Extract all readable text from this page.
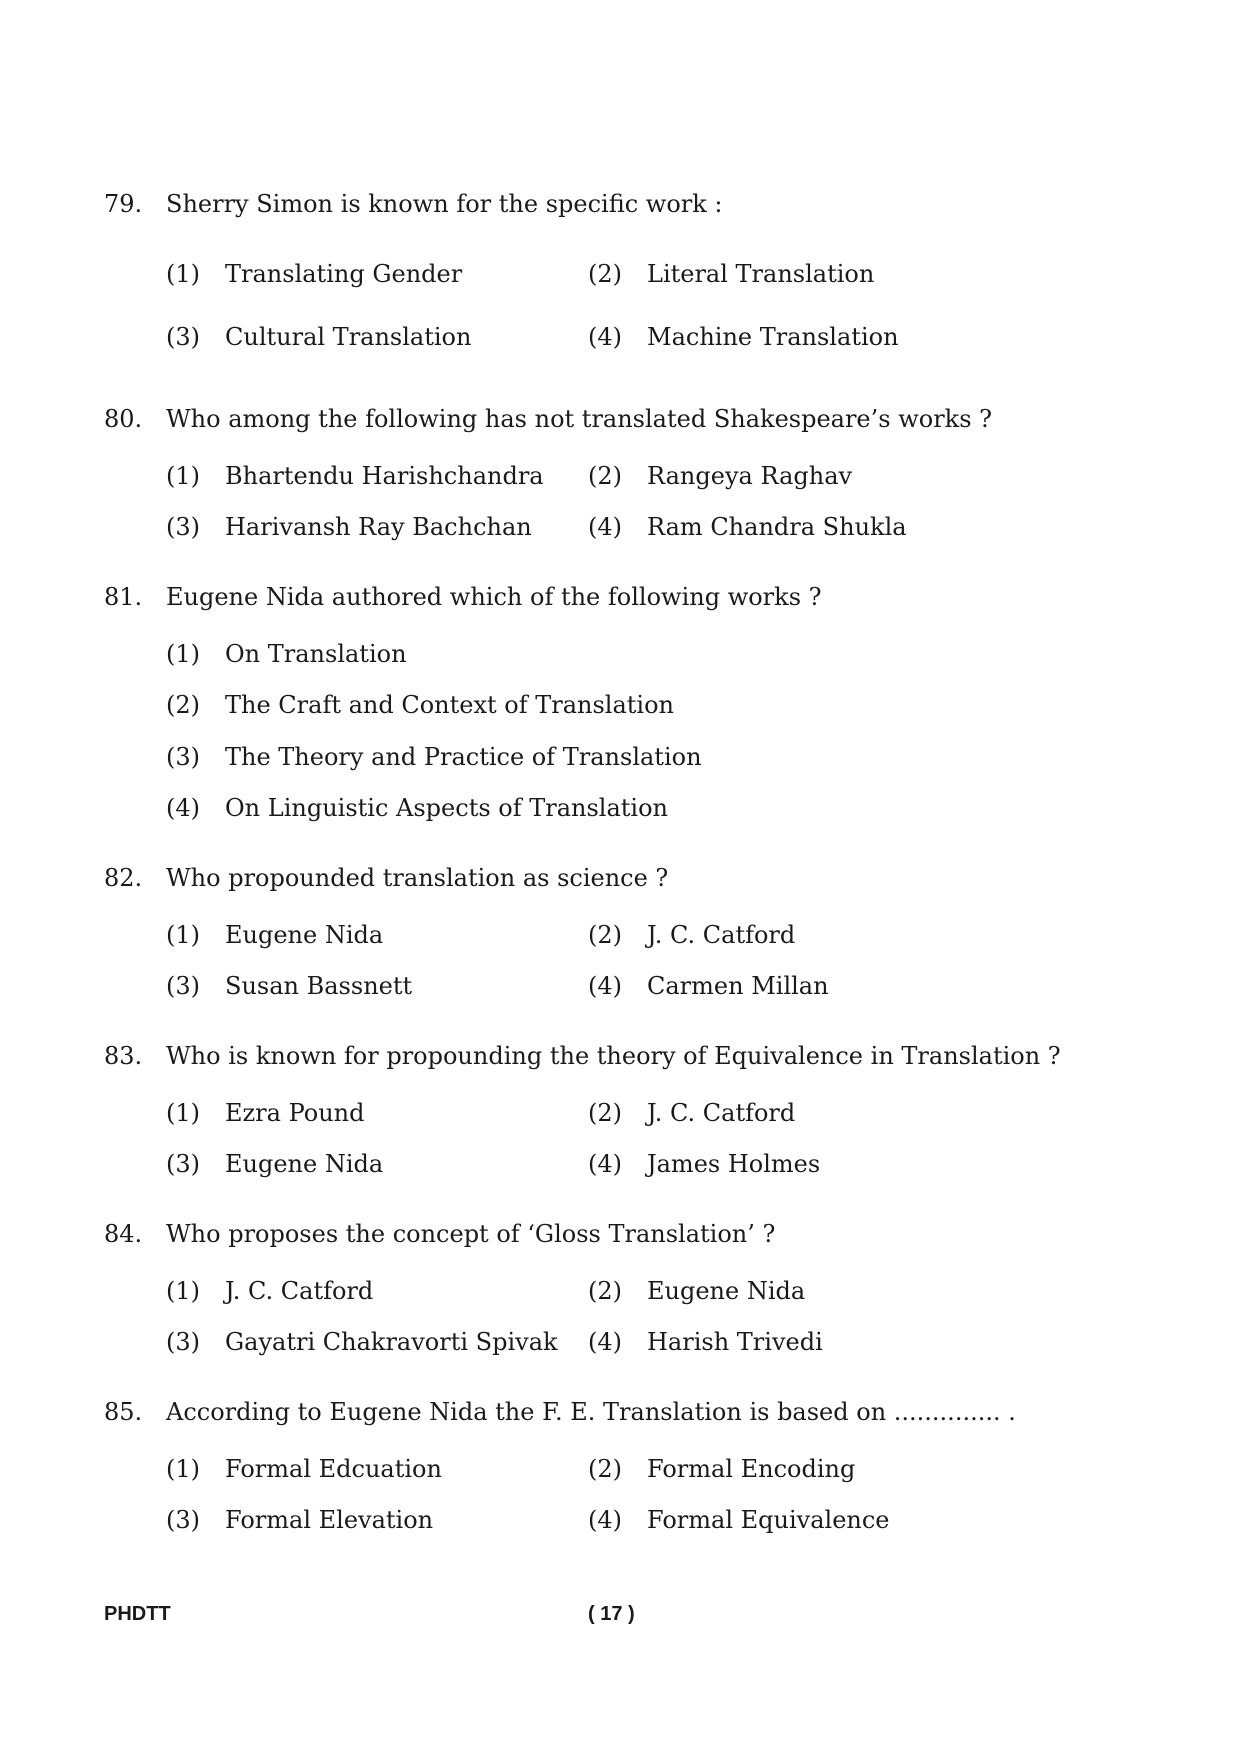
79. Sherry Simon is known for the specific work :
(1) Translating Gender	(2) Literal Translation
(3) Cultural Translation	(4) Machine Translation
80. Who among the following has not translated Shakespeare’s works ?
(1) Bhartendu Harishchandra (2) Rangeya Raghav
(3) Harivansh Ray Bachchan (4) Ram Chandra Shukla
81. Eugene Nida authored which of the following works ?
(1) On Translation
(2) The Craft and Context of Translation
(3) The Theory and Practice of Translation
(4) On Linguistic Aspects of Translation
82. Who propounded translation as science ?
(1) Eugene Nida	(2) J. C. Catford
(3) Susan Bassnett	(4) Carmen Millan
83. Who is known for propounding the theory of Equivalence in Translation ?
(1) Ezra Pound	(2) J. C. Catford
(3) Eugene Nida	(4) James Holmes
84. Who proposes the concept of ‘Gloss Translation’ ?
(1) J. C. Catford	(2) Eugene Nida
(3) Gayatri Chakravorti Spivak (4) Harish Trivedi
85. According to Eugene Nida the F. E. Translation is based on .............. .
(1) Formal Edcuation	(2) Formal Encoding
(3) Formal Elevation	(4) Formal Equivalence
PHDTT	( 17 )
